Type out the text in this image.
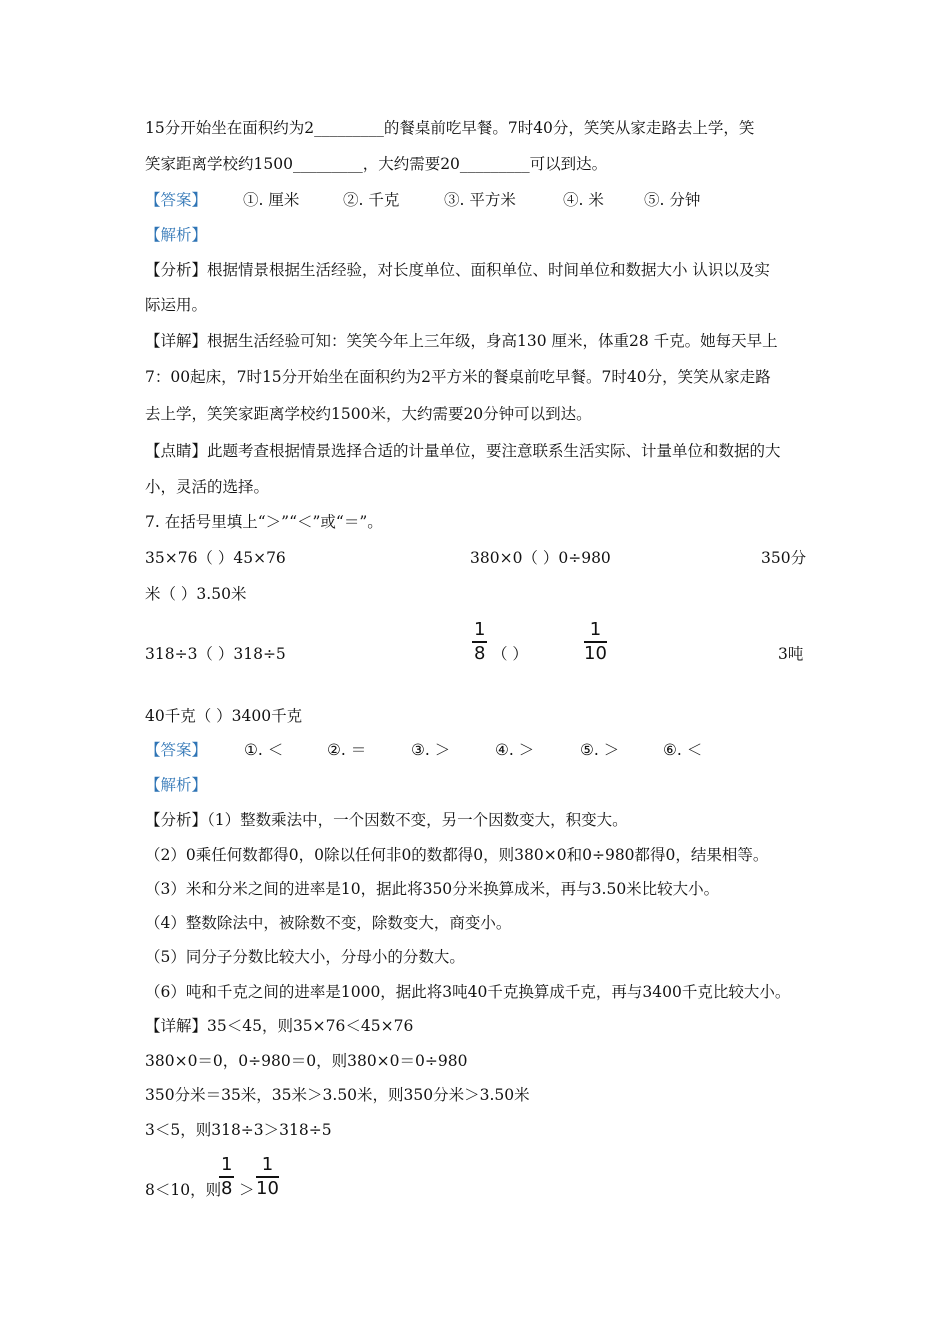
15分开始坐在面积约为2_________的餐桌前吃早餐。7时40分，笑笑从家走路去上学，笑
笑家距离学校约1500_________，大约需要20_________可以到达。
【答案】 ①. 厘米	②. 千克	③. 平方米	④. 米	⑤. 分钟
【解析】
【分析】根据情景根据生活经验，对长度单位、面积单位、时间单位和数据大小 认识以及实
际运用。
【详解】根据生活经验可知：笑笑今年上三年级，身高130 厘米，体重28 千克。她每天早上
7：00起床，7时15分开始坐在面积约为2平方米的餐桌前吃早餐。7时40分，笑笑从家走路
去上学，笑笑家距离学校约1500米，大约需要20分钟可以到达。
【点睛】此题考查根据情景选择合适的计量单位，要注意联系生活实际、计量单位和数据的大
小，灵活的选择。
7. 在括号里填上“＞”“＜”或“＝”。
35×76（ ）45×76	380×0（ ）0÷980	350分
米（ ）3.50米
318÷3（ ）318÷5
1
8 （ ）
1
10	3吨
40千克（ ）3400千克
【答案】 ①. ＜	②. ＝	③. ＞	④. ＞	⑤. ＞	⑥. ＜
【解析】
【分析】（1）整数乘法中，一个因数不变，另一个因数变大，积变大。
（2）0乘任何数都得0，0除以任何非0的数都得0，则380×0和0÷980都得0，结果相等。
（3）米和分米之间的进率是10，据此将350分米换算成米，再与3.50米比较大小。
（4）整数除法中，被除数不变，除数变大，商变小。
（5）同分子分数比较大小，分母小的分数大。
（6）吨和千克之间的进率是1000，据此将3吨40千克换算成千克，再与3400千克比较大小。
【详解】35＜45，则35×76＜45×76
380×0＝0，0÷980＝0，则380×0＝0÷980
350分米＝35米，35米＞3.50米，则350分米＞3.50米
3＜5，则318÷3＞318÷5
8＜10，则
1
8 ＞
1
10
